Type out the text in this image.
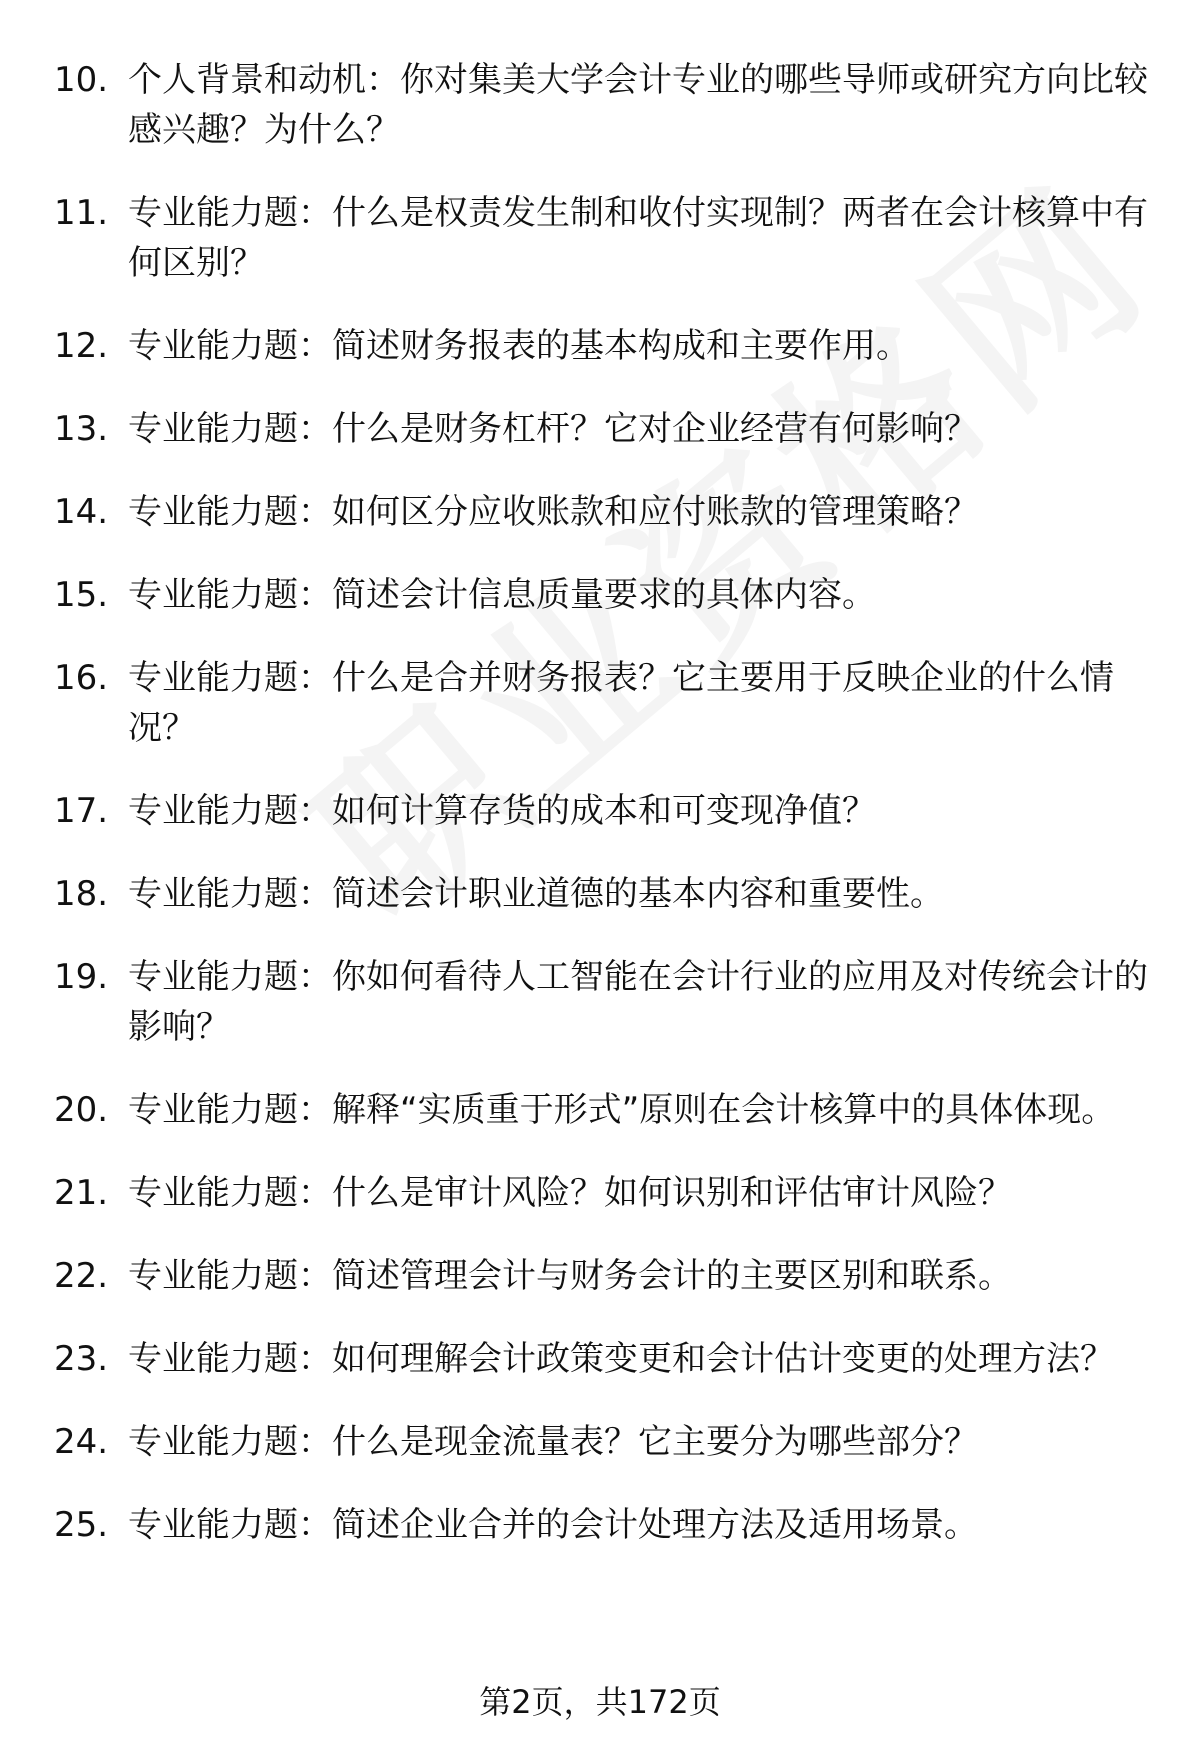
10. 个人背景和动机：你对集美大学会计专业的哪些导师或研究方向比较感兴趣？为什么？
11. 专业能力题：什么是权责发生制和收付实现制？两者在会计核算中有何区别？
12. 专业能力题：简述财务报表的基本构成和主要作用。
13. 专业能力题：什么是财务杠杆？它对企业经营有何影响？
14. 专业能力题：如何区分应收账款和应付账款的管理策略？
15. 专业能力题：简述会计信息质量要求的具体内容。
16. 专业能力题：什么是合并财务报表？它主要用于反映企业的什么情况？
17. 专业能力题：如何计算存货的成本和可变现净值？
18. 专业能力题：简述会计职业道德的基本内容和重要性。
19. 专业能力题：你如何看待人工智能在会计行业的应用及对传统会计的影响？
20. 专业能力题：解释“实质重于形式”原则在会计核算中的具体体现。
21. 专业能力题：什么是审计风险？如何识别和评估审计风险？
22. 专业能力题：简述管理会计与财务会计的主要区别和联系。
23. 专业能力题：如何理解会计政策变更和会计估计变更的处理方法？
24. 专业能力题：什么是现金流量表？它主要分为哪些部分？
25. 专业能力题：简述企业合并的会计处理方法及适用场景。
第2页，共172页
